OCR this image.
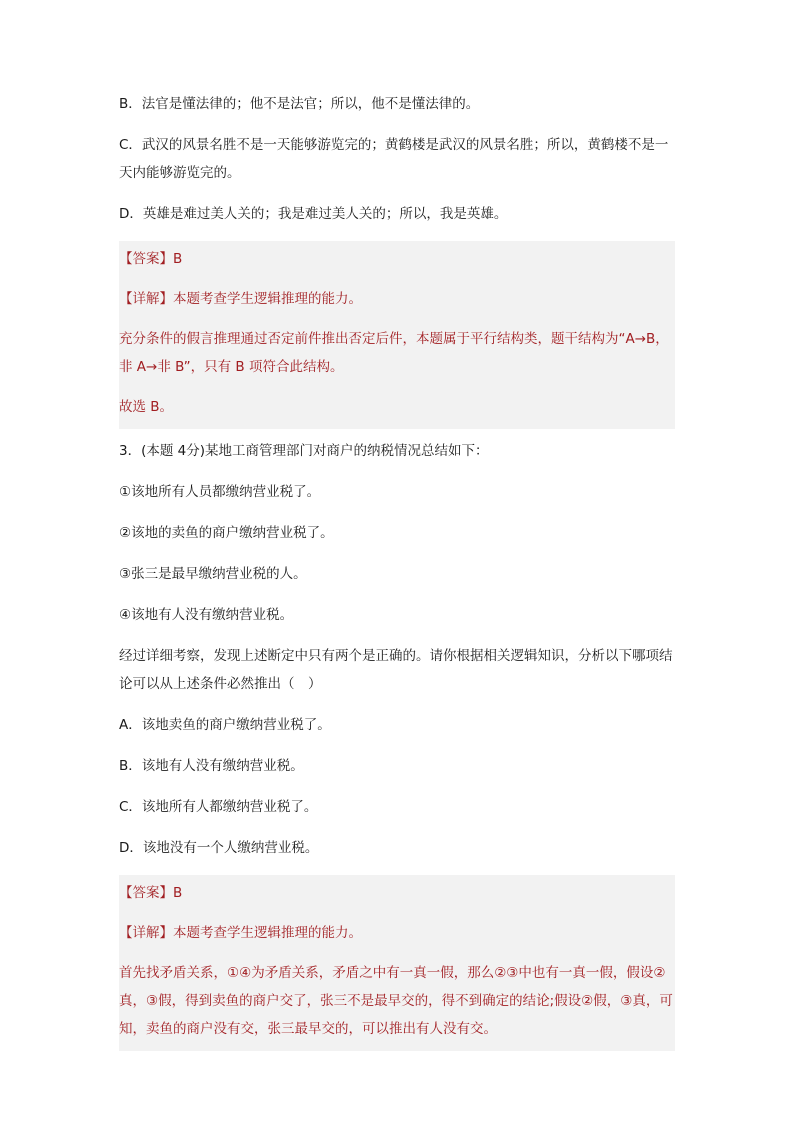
B．法官是懂法律的；他不是法官；所以，他不是懂法律的。
C．武汉的风景名胜不是一天能够游览完的；黄鹤楼是武汉的风景名胜；所以，黄鹤楼不是一天内能够游览完的。
D．英雄是难过美人关的；我是难过美人关的；所以，我是英雄。
【答案】B
【详解】本题考查学生逻辑推理的能力。
充分条件的假言推理通过否定前件推出否定后件，本题属于平行结构类，题干结构为“A→B，非 A→非 B”，只有 B 项符合此结构。
故选 B。
3．(本题 4分)某地工商管理部门对商户的纳税情况总结如下：
①该地所有人员都缴纳营业税了。
②该地的卖鱼的商户缴纳营业税了。
③张三是最早缴纳营业税的人。
④该地有人没有缴纳营业税。
经过详细考察，发现上述断定中只有两个是正确的。请你根据相关逻辑知识，分析以下哪项结论可以从上述条件必然推出（　）
A．该地卖鱼的商户缴纳营业税了。
B．该地有人没有缴纳营业税。
C．该地所有人都缴纳营业税了。
D．该地没有一个人缴纳营业税。
【答案】B
【详解】本题考查学生逻辑推理的能力。
首先找矛盾关系，①④为矛盾关系，矛盾之中有一真一假，那么②③中也有一真一假，假设②真，③假，得到卖鱼的商户交了，张三不是最早交的，得不到确定的结论;假设②假，③真，可知，卖鱼的商户没有交，张三最早交的，可以推出有人没有交。
